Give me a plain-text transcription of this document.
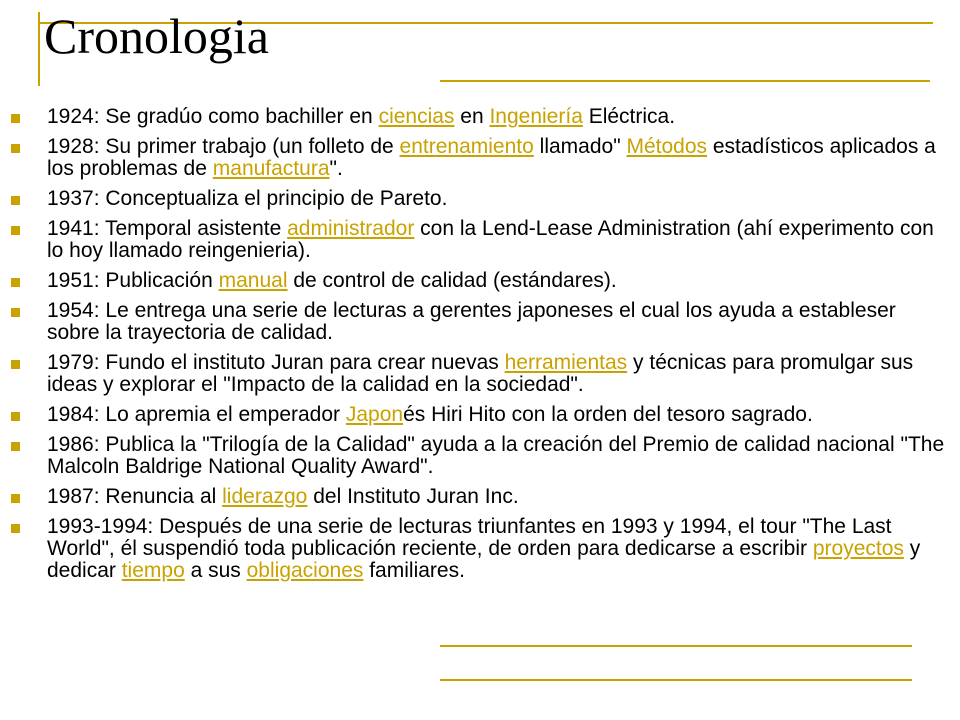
Cronologia
1924: Se gradúo como bachiller en ciencias en Ingeniería Eléctrica.
1928: Su primer trabajo (un folleto de entrenamiento llamado" Métodos estadísticos aplicados a los problemas de manufactura".
1937: Conceptualiza el principio de Pareto.
1941: Temporal asistente administrador con la Lend-Lease Administration (ahí experimento con lo hoy llamado reingenieria).
1951: Publicación manual de control de calidad (estándares).
1954: Le entrega una serie de lecturas a gerentes japoneses el cual los ayuda a estableser sobre la trayectoria de calidad.
1979: Fundo el instituto Juran para crear nuevas herramientas y técnicas para promulgar sus ideas y explorar el "Impacto de la calidad en la sociedad".
1984: Lo apremia el emperador Japonés Hiri Hito con la orden del tesoro sagrado.
1986: Publica la "Trilogía de la Calidad" ayuda a la creación del Premio de calidad nacional "The Malcoln Baldrige National Quality Award".
1987: Renuncia al liderazgo del Instituto Juran Inc.
1993-1994: Después de una serie de lecturas triunfantes en 1993 y 1994, el tour "The Last World", él suspendió toda publicación reciente, de orden para dedicarse a escribir proyectos y dedicar tiempo a sus obligaciones familiares.
